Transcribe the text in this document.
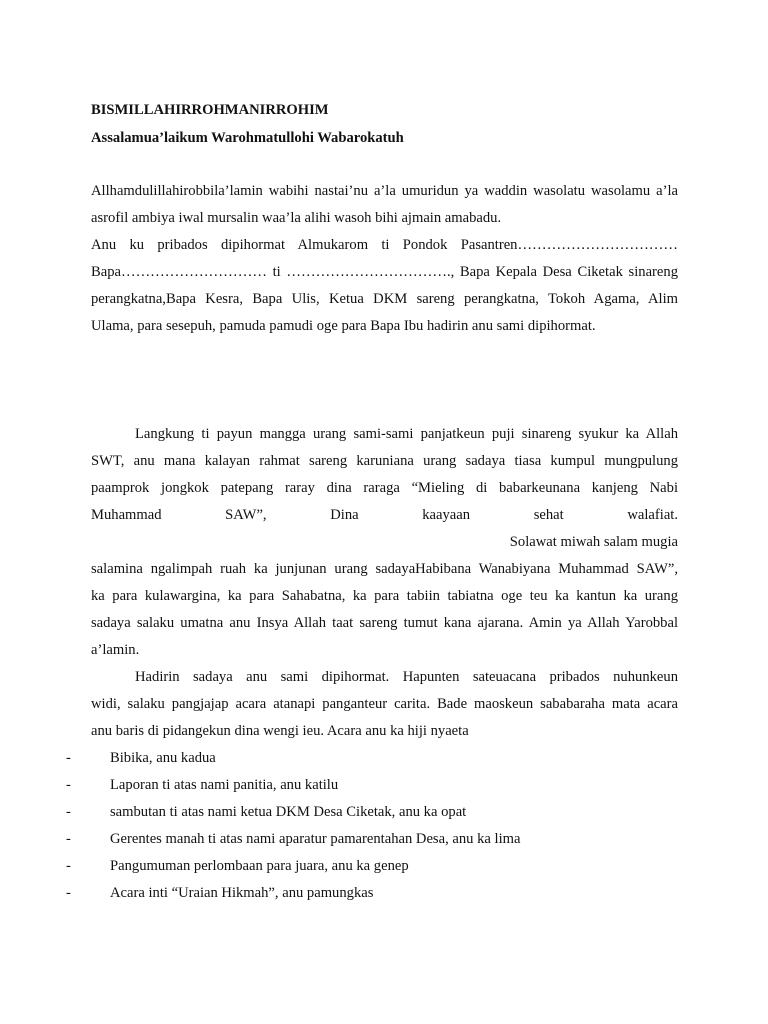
BISMILLAHIRROHMANIRROHIM
Assalamua’laikum Warohmatullohi Wabarokatuh
Allhamdulillahirobbila’lamin wabihi nastai’nu a’la umuridun ya waddin wasolatu wasolamu a’la
asrofil ambiya iwal mursalin waa’la alihi wasoh bihi ajmain amabadu.
Anu ku pribados dipihormat Almukarom ti Pondok Pasantren……………………………
Bapa………………………… ti ……………………………., Bapa Kepala Desa Ciketak sinareng
perangkatna,Bapa Kesra, Bapa Ulis, Ketua DKM sareng perangkatna, Tokoh Agama, Alim
Ulama, para sesepuh, pamuda pamudi oge para Bapa Ibu hadirin anu sami dipihormat.
Langkung ti payun mangga urang sami-sami panjatkeun puji sinareng syukur ka Allah
SWT, anu mana kalayan rahmat sareng karuniana urang sadaya tiasa kumpul mungpulung
paamprok jongkok patepang raray dina raraga “Mieling di babarkeunana kanjeng Nabi
Muhammad SAW”, Dina kaayaan sehat walafiat.
Solawat miwah salam mugia
salamina ngalimpah ruah ka junjunan urang sadayaHabibana Wanabiyana Muhammad SAW”,
ka para kulawargina, ka para Sahabatna, ka para tabiin tabiatna oge teu ka kantun ka urang
sadaya salaku umatna anu Insya Allah taat sareng tumut kana ajarana. Amin ya Allah Yarobbal
a’lamin.
Hadirin sadaya anu sami dipihormat. Hapunten sateuacana pribados nuhunkeun
widi, salaku pangjajap acara atanapi panganteur carita. Bade maoskeun sababaraha mata acara
anu baris di pidangekun dina wengi ieu. Acara anu ka hiji nyaeta
-	Bibika, anu kadua
-	Laporan ti atas nami panitia, anu katilu
-	sambutan ti atas nami ketua DKM Desa Ciketak, anu ka opat
-	Gerentes manah ti atas nami aparatur pamarentahan Desa, anu ka lima
-	Pangumuman perlombaan para juara, anu ka genep
-	Acara inti “Uraian Hikmah”, anu pamungkas
